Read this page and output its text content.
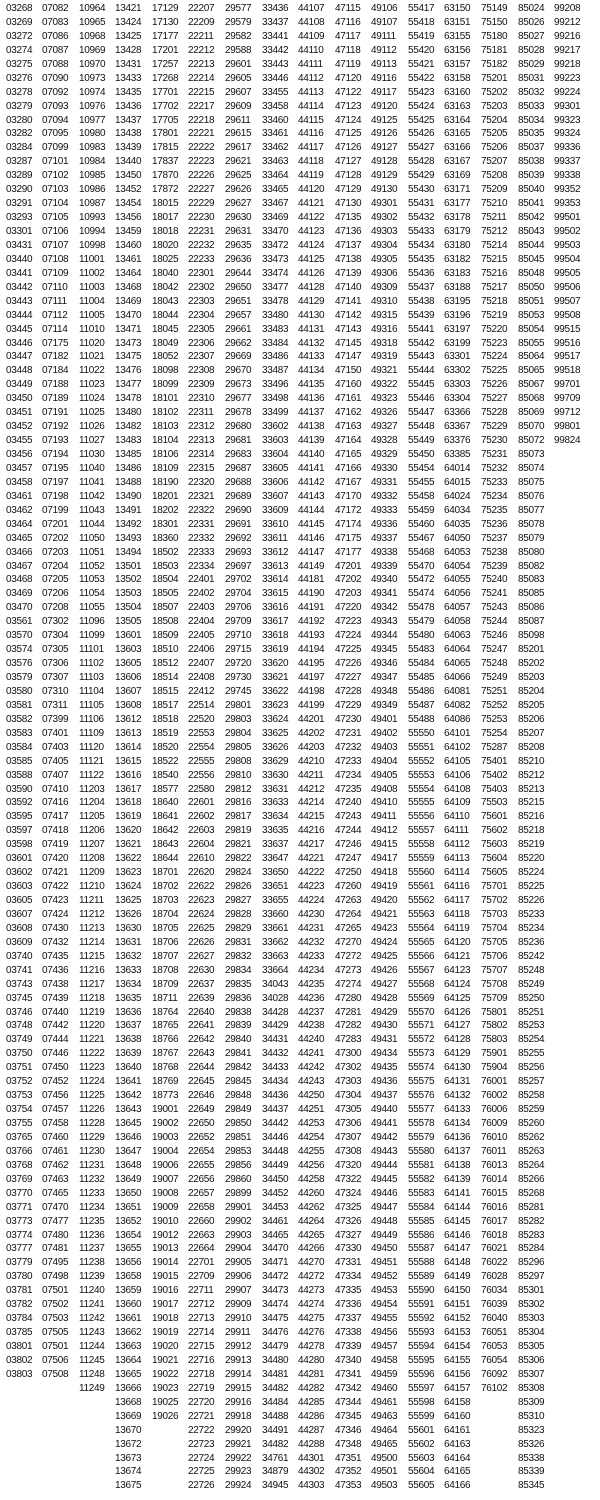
03268
03269
03272
03274
03275
03276
03278
03279
03280
03282
03284
03287
03289
03290
03291
03293
03301
03431
03440
03441
03442
03443
03444
03445
03446
03447
03448
03449
03450
03451
03452
03455
03456
03457
03458
03461
03462
03464
03465
03466
03467
03468
03469
03470
03561
03570
03574
03576
03579
03580
03581
03582
03583
03584
03585
03588
03590
03592
03595
03597
03598
03601
03602
03603
03605
03607
03608
03609
03740
03741
03743
03745
03746
03748
03749
03750
03751
03752
03753
03754
03755
03765
03766
03768
03769
03770
03771
03773
03774
03777
03779
03780
03781
03782
03784
03785
03801
03802
03803
07082
07083
07086
07087
07088
07090
07092
07093
07094
07095
07099
07101
07102
07103
07104
07105
07106
07107
07108
07109
07110
07111
07112
07114
07175
07182
07184
07188
07189
07191
07192
07193
07194
07195
07197
07198
07199
07201
07202
07203
07204
07205
07206
07208
07302
07304
07305
07306
07307
07310
07311
07399
07401
07403
07405
07407
07410
07416
07417
07418
07419
07420
07421
07422
07423
07424
07430
07432
07435
07436
07438
07439
07440
07442
07444
07446
07450
07452
07456
07457
07458
07460
07461
07462
07463
07465
07470
07477
07480
07481
07495
07498
07501
07502
07503
07505
07501
07506
07508
10964
10965
10968
10969
10970
10973
10974
10976
10977
10980
10983
10984
10985
10986
10987
10993
10994
10998
11001
11002
11003
11004
11005
11010
11020
11021
11022
11023
11024
11025
11026
11027
11030
11040
11041
11042
11043
11044
11050
11051
11052
11053
11054
11055
11096
11099
11101
11102
11103
11104
11105
11106
11109
11120
11121
11122
11203
11204
11205
11206
11207
11208
11209
11210
11211
11212
11213
11214
11215
11216
11217
11218
11219
11220
11221
11222
11223
11224
11225
11226
11228
11229
11230
11231
11232
11233
11234
11235
11236
11237
11238
11239
11240
11241
11242
11243
11244
11245
11248
11249
13421
13424
13425
13428
13431
13433
13435
13436
13437
13438
13439
13440
13450
13452
13454
13456
13459
13460
13461
13464
13468
13469
13470
13471
13473
13475
13476
13477
13478
13480
13482
13483
13485
13486
13488
13490
13491
13492
13493
13494
13501
13502
13503
13504
13505
13601
13603
13605
13606
13607
13608
13612
13613
13614
13615
13616
13617
13618
13619
13620
13621
13622
13623
13624
13625
13626
13630
13631
13632
13633
13634
13635
13636
13637
13638
13639
13640
13641
13642
13643
13645
13646
13647
13648
13649
13650
13651
13652
13654
13655
13656
13658
13659
13660
13661
13662
13663
13664
13665
13666
13668
13669
13670
13672
13673
13674
13675
17129
17130
17177
17201
17257
17268
17701
17702
17705
17801
17815
17837
17870
17872
18015
18017
18018
18020
18025
18040
18042
18043
18044
18045
18049
18052
18098
18099
18101
18102
18103
18104
18106
18109
18190
18201
18202
18301
18360
18502
18503
18504
18505
18507
18508
18509
18510
18512
18514
18515
18517
18518
18519
18520
18522
18540
18577
18640
18641
18642
18643
18644
18701
18702
18703
18704
18705
18706
18707
18708
18709
18711
18764
18765
18766
18767
18768
18769
18773
19001
19002
19003
19004
19006
19007
19008
19009
19010
19012
19013
19014
19015
19016
19017
19018
19019
19020
19021
19022
19023
19025
19026
22207
22209
22211
22212
22213
22214
22215
22217
22218
22221
22222
22223
22226
22227
22229
22230
22231
22232
22233
22301
22302
22303
22304
22305
22306
22307
22308
22309
22310
22311
22312
22313
22314
22315
22320
22321
22322
22331
22332
22333
22334
22401
22402
22403
22404
22405
22406
22407
22408
22412
22514
22520
22553
22554
22555
22556
22580
22601
22602
22603
22604
22610
22620
22622
22623
22624
22625
22626
22627
22630
22637
22639
22640
22641
22642
22643
22644
22645
22646
22649
22650
22652
22654
22655
22656
22657
22658
22660
22663
22664
22701
22709
22711
22712
22713
22714
22715
22716
22718
22719
22720
22721
22722
22723
22724
22725
22726
29577
29579
29582
29588
29601
29605
29607
29609
29611
29615
29617
29621
29625
29626
29627
29630
29631
29635
29636
29644
29650
29651
29657
29661
29662
29669
29670
29673
29677
29678
29680
29681
29683
29687
29688
29689
29690
29691
29692
29693
29697
29702
29704
29706
29709
29710
29715
29720
29730
29745
29801
29803
29804
29805
29808
29810
29812
29816
29817
29819
29821
29822
29824
29826
29827
29828
29829
29831
29832
29834
29835
29836
29838
29839
29840
29841
29842
29845
29848
29849
29850
29851
29853
29856
29860
29899
29901
29902
29903
29904
29905
29906
29907
29909
29910
29911
29912
29913
29914
29915
29916
29918
29920
29921
29922
29923
29924
33436
33437
33441
33442
33443
33446
33455
33458
33460
33461
33462
33463
33464
33465
33467
33469
33470
33472
33473
33474
33477
33478
33480
33483
33484
33486
33487
33496
33498
33499
33602
33603
33604
33605
33606
33607
33609
33610
33611
33612
33613
33614
33615
33616
33617
33618
33619
33620
33621
33622
33623
33624
33625
33626
33629
33630
33631
33633
33634
33635
33637
33647
33650
33651
33655
33660
33661
33662
33663
33664
34043
34028
34428
34429
34431
34432
34433
34434
34436
34437
34442
34446
34448
34449
34450
34452
34453
34461
34465
34470
34471
34472
34473
34474
34475
34476
34479
34480
34481
34482
34484
34488
34491
34482
34761
34879
34945
44107
44108
44109
44110
44111
44112
44113
44114
44115
44116
44117
44118
44119
44120
44121
44122
44123
44124
44125
44126
44128
44129
44130
44131
44132
44133
44134
44135
44136
44137
44138
44139
44140
44141
44142
44143
44144
44145
44146
44147
44149
44181
44190
44191
44192
44193
44194
44195
44197
44198
44199
44201
44202
44203
44210
44211
44212
44214
44215
44216
44217
44221
44222
44223
44224
44230
44231
44232
44233
44234
44235
44236
44237
44238
44240
44241
44242
44243
44250
44251
44253
44254
44255
44256
44258
44260
44262
44264
44265
44266
44270
44272
44273
44274
44275
44276
44278
44280
44281
44282
44285
44286
44287
44288
44301
44302
44303
47115
47116
47117
47118
47119
47120
47122
47123
47124
47125
47126
47127
47128
47129
47130
47135
47136
47137
47138
47139
47140
47141
47142
47143
47145
47147
47150
47160
47161
47162
47163
47164
47165
47166
47167
47170
47172
47174
47175
47177
47201
47202
47203
47220
47223
47224
47225
47226
47227
47228
47229
47230
47231
47232
47233
47234
47235
47240
47243
47244
47246
47247
47250
47260
47263
47264
47265
47270
47272
47273
47274
47280
47281
47282
47283
47300
47302
47303
47304
47305
47306
47307
47308
47320
47322
47324
47325
47326
47327
47330
47331
47334
47335
47336
47337
47338
47339
47340
47341
47342
47344
47345
47346
47348
47351
47352
47353
49106
49107
49111
49112
49113
49116
49117
49120
49125
49126
49127
49128
49129
49130
49301
49302
49303
49304
49305
49306
49309
49310
49315
49316
49318
49319
49321
49322
49323
49326
49327
49328
49329
49330
49331
49332
49333
49336
49337
49338
49339
49340
49341
49342
49343
49344
49345
49346
49347
49348
49349
49401
49402
49403
49404
49405
49408
49410
49411
49412
49415
49417
49418
49419
49420
49421
49423
49424
49425
49426
49427
49428
49429
49430
49431
49434
49435
49436
49437
49440
49441
49442
49443
49444
49445
49446
49447
49448
49449
49450
49451
49452
49453
49454
49455
49456
49457
49458
49459
49460
49461
49463
49464
49465
49500
49501
49503
55417
55418
55419
55420
55421
55422
55423
55424
55425
55426
55427
55428
55429
55430
55431
55432
55433
55434
55435
55436
55437
55438
55439
55441
55442
55443
55444
55445
55446
55447
55448
55449
55450
55454
55455
55458
55459
55460
55467
55468
55470
55472
55474
55478
55479
55480
55483
55484
55485
55486
55487
55488
55550
55551
55552
55553
55554
55555
55556
55557
55558
55559
55560
55561
55562
55563
55564
55565
55566
55567
55568
55569
55570
55571
55572
55573
55574
55575
55576
55577
55578
55579
55580
55581
55582
55583
55584
55585
55586
55587
55588
55589
55590
55591
55592
55593
55594
55595
55596
55597
55598
55599
55601
55602
55603
55604
55605
63150
63151
63155
63156
63157
63158
63160
63163
63164
63165
63166
63167
63169
63171
63177
63178
63179
63180
63182
63183
63188
63195
63196
63197
63199
63301
63302
63303
63304
63366
63367
63376
63385
64014
64015
64024
64034
64035
64050
64053
64054
64055
64056
64057
64058
64063
64064
64065
64066
64081
64082
64086
64101
64102
64105
64106
64108
64109
64110
64111
64112
64113
64114
64116
64117
64118
64119
64120
64121
64123
64124
64125
64126
64127
64128
64129
64130
64131
64132
64133
64134
64136
64137
64138
64139
64141
64144
64145
64146
64147
64148
64149
64150
64151
64152
64153
64154
64155
64156
64157
64158
64160
64161
64163
64164
64165
64166
75149
75150
75180
75181
75182
75201
75202
75203
75204
75205
75206
75207
75208
75209
75210
75211
75212
75214
75215
75216
75217
75218
75219
75220
75223
75224
75225
75226
75227
75228
75229
75230
75231
75232
75233
75234
75235
75236
75237
75238
75239
75240
75241
75243
75244
75246
75247
75248
75249
75251
75252
75253
75254
75287
75401
75402
75403
75503
75601
75602
75603
75604
75605
75701
75702
75703
75704
75705
75706
75707
75708
75709
75801
75802
75803
75901
75904
76001
76002
76006
76009
76010
76011
76013
76014
76015
76016
76017
76018
76021
76022
76028
76034
76039
76040
76051
76053
76054
76092
76102
85024
85026
85027
85028
85029
85031
85032
85033
85034
85035
85037
85038
85039
85040
85041
85042
85043
85044
85045
85048
85050
85051
85053
85054
85055
85064
85065
85067
85068
85069
85070
85072
85073
85074
85075
85076
85077
85078
85079
85080
85082
85083
85085
85086
85087
85098
85201
85202
85203
85204
85205
85206
85207
85208
85210
85212
85213
85215
85216
85218
85219
85220
85224
85225
85226
85233
85234
85236
85242
85248
85249
85250
85251
85253
85254
85255
85256
85257
85258
85259
85260
85262
85263
85264
85266
85268
85281
85282
85283
85284
85296
85297
85301
85302
85303
85304
85305
85306
85307
85308
85309
85310
85323
85326
85338
85339
85345
99208
99212
99216
99217
99218
99223
99224
99301
99323
99324
99336
99337
99338
99352
99353
99501
99502
99503
99504
99505
99506
99507
99508
99515
99516
99517
99518
99701
99709
99712
99801
99824
